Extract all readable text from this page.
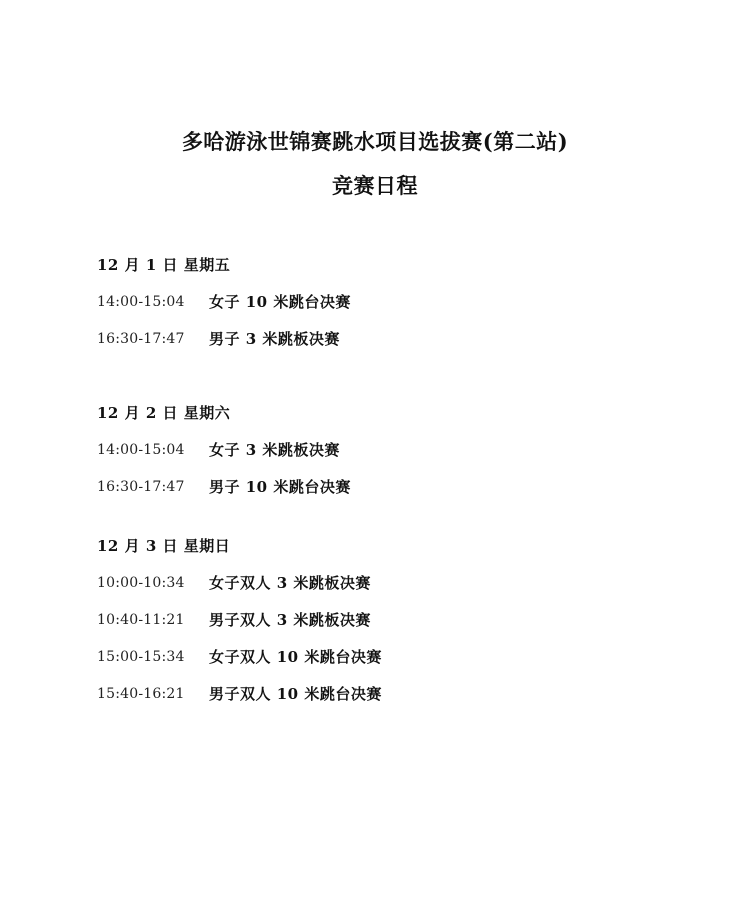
多哈游泳世锦赛跳水项目选拔赛(第二站)
竞赛日程
12 月 1 日 星期五
14:00-15:04	女子 10 米跳台决赛
16:30-17:47	男子 3 米跳板决赛
12 月 2 日 星期六
14:00-15:04	女子 3 米跳板决赛
16:30-17:47	男子 10 米跳台决赛
12 月 3 日 星期日
10:00-10:34	女子双人 3 米跳板决赛
10:40-11:21	男子双人 3 米跳板决赛
15:00-15:34	女子双人 10 米跳台决赛
15:40-16:21	男子双人 10 米跳台决赛
